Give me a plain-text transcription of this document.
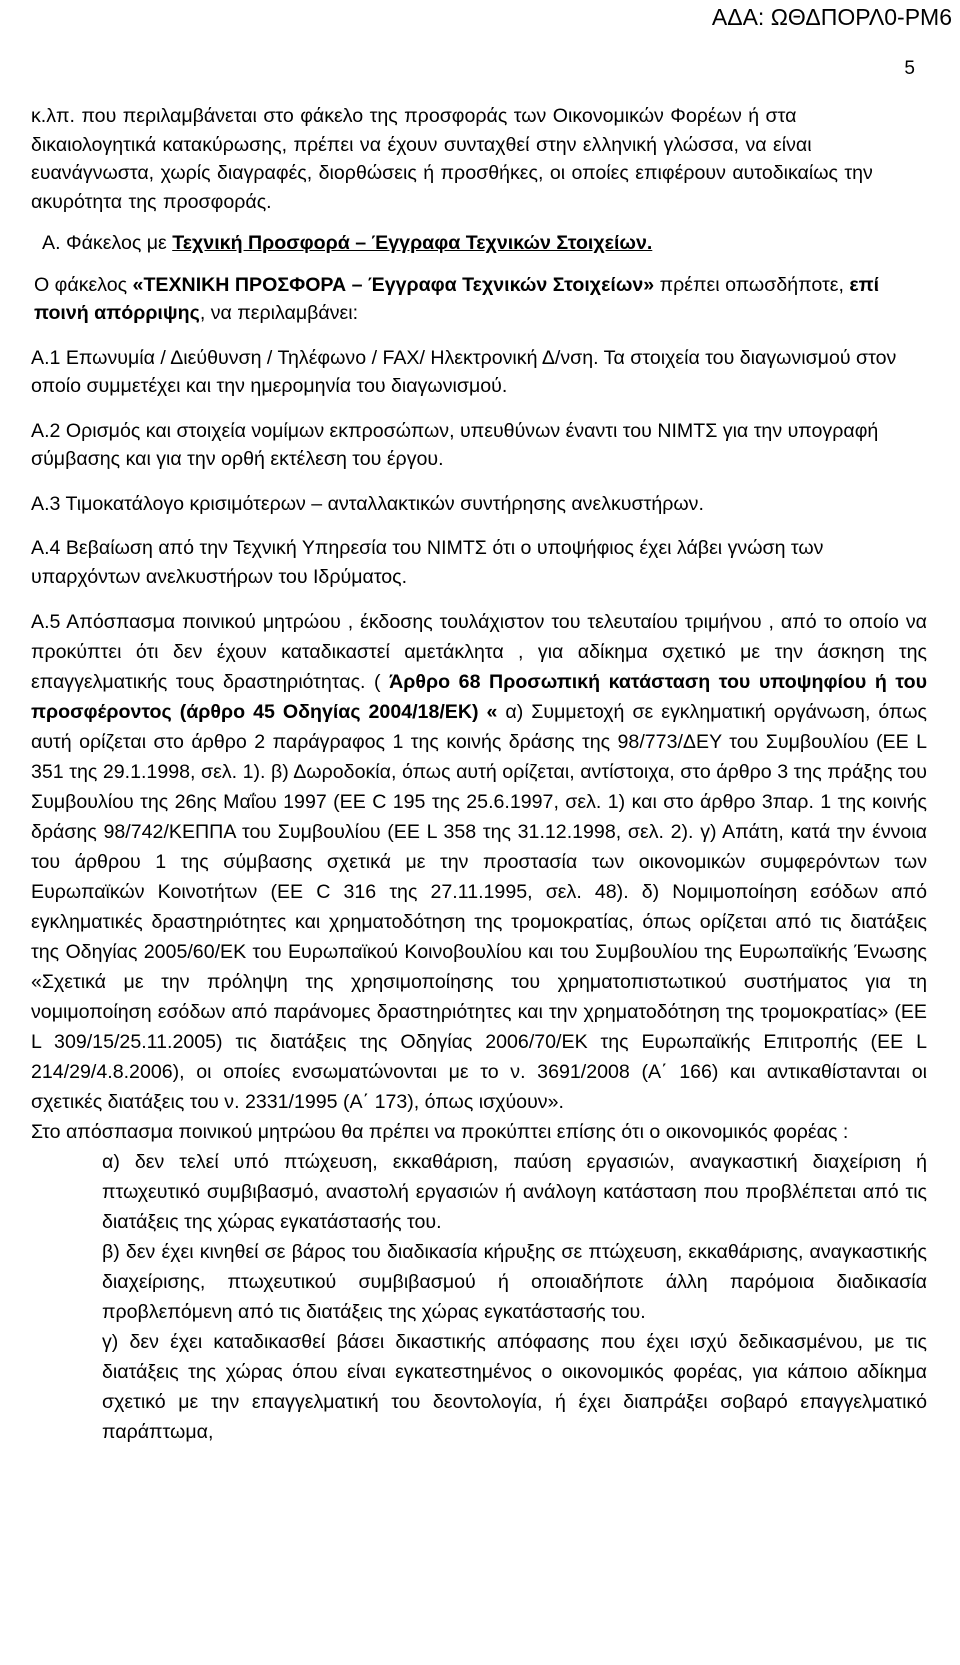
ΑΔΑ: ΩΘΔΠΟΡΛ0-ΡΜ6
5

κ.λπ. που περιλαμβάνεται στο φάκελο της προσφοράς των Οικονομικών Φορέων ή στα δικαιολογητικά κατακύρωσης, πρέπει να έχουν συνταχθεί στην ελληνική γλώσσα, να είναι ευανάγνωστα, χωρίς διαγραφές, διορθώσεις ή προσθήκες, οι οποίες επιφέρουν αυτοδικαίως την ακυρότητα της προσφοράς.

Α. Φάκελος με Τεχνική Προσφορά – Έγγραφα Τεχνικών Στοιχείων.

Ο φάκελος «ΤΕΧΝΙΚΗ ΠΡΟΣΦΟΡΑ – Έγγραφα Τεχνικών Στοιχείων» πρέπει οπωσδήποτε, επί ποινή απόρριψης, να περιλαμβάνει:

Α.1 Επωνυμία / Διεύθυνση / Τηλέφωνο / FAX/ Ηλεκτρονική Δ/νση. Τα στοιχεία του διαγωνισμού στον οποίο συμμετέχει και την ημερομηνία του διαγωνισμού.

Α.2 Ορισμός και στοιχεία νομίμων εκπροσώπων, υπευθύνων έναντι του ΝΙΜΤΣ για την υπογραφή σύμβασης και για την ορθή εκτέλεση του έργου.

Α.3 Τιμοκατάλογο κρισιμότερων – ανταλλακτικών συντήρησης ανελκυστήρων.

Α.4 Βεβαίωση από την Τεχνική Υπηρεσία του ΝΙΜΤΣ ότι ο υποψήφιος έχει λάβει γνώση των υπαρχόντων ανελκυστήρων του Ιδρύματος.

Α.5 Απόσπασμα ποινικού μητρώου , έκδοσης τουλάχιστον του τελευταίου τριμήνου , από το οποίο να προκύπτει ότι δεν έχουν καταδικαστεί αμετάκλητα , για αδίκημα σχετικό με την άσκηση της επαγγελματικής τους δραστηριότητας. ( Άρθρο 68 Προσωπική κατάσταση του υποψηφίου ή του προσφέροντος (άρθρο 45 Οδηγίας 2004/18/ΕΚ) « α) Συμμετοχή σε εγκληματική οργάνωση, όπως αυτή ορίζεται στο άρθρο 2 παράγραφος 1 της κοινής δράσης της 98/773/ΔΕΥ του Συμβουλίου (ΕΕ L 351 της 29.1.1998, σελ. 1). β) Δωροδοκία, όπως αυτή ορίζεται, αντίστοιχα, στο άρθρο 3 της πράξης του Συμβουλίου της 26ης Μαΐου 1997 (ΕΕ C 195 της 25.6.1997, σελ. 1) και στο άρθρο 3παρ. 1 της κοινής δράσης 98/742/ΚΕΠΠΑ του Συμβουλίου (ΕΕ L 358 της 31.12.1998, σελ. 2). γ) Απάτη, κατά την έννοια του άρθρου 1 της σύμβασης σχετικά με την προστασία των οικονομικών συμφερόντων των Ευρωπαϊκών Κοινοτήτων (ΕΕ C 316 της 27.11.1995, σελ. 48). δ) Νομιμοποίηση εσόδων από εγκληματικές δραστηριότητες και χρηματοδότηση της τρομοκρατίας, όπως ορίζεται από τις διατάξεις της Οδηγίας 2005/60/ΕΚ του Ευρωπαϊκού Κοινοβουλίου και του Συμβουλίου της Ευρωπαϊκής Ένωσης «Σχετικά με την πρόληψη της χρησιμοποίησης του χρηματοπιστωτικού συστήματος για τη νομιμοποίηση εσόδων από παράνομες δραστηριότητες και την χρηματοδότηση της τρομοκρατίας» (ΕΕ L 309/15/25.11.2005) τις διατάξεις της Οδηγίας 2006/70/ΕΚ της Ευρωπαϊκής Επιτροπής (ΕΕ L 214/29/4.8.2006), οι οποίες ενσωματώνονται με το ν. 3691/2008 (Α΄ 166) και αντικαθίστανται οι σχετικές διατάξεις του ν. 2331/1995 (Α΄ 173), όπως ισχύουν».

Στο απόσπασμα ποινικού μητρώου θα πρέπει να προκύπτει επίσης ότι ο οικονομικός φορέας :

α) δεν τελεί υπό πτώχευση, εκκαθάριση, παύση εργασιών, αναγκαστική διαχείριση ή πτωχευτικό συμβιβασμό, αναστολή εργασιών ή ανάλογη κατάσταση που προβλέπεται από τις διατάξεις της χώρας εγκατάστασής του.

β) δεν έχει κινηθεί σε βάρος του διαδικασία κήρυξης σε πτώχευση, εκκαθάρισης, αναγκαστικής διαχείρισης, πτωχευτικού συμβιβασμού ή οποιαδήποτε άλλη παρόμοια διαδικασία προβλεπόμενη από τις διατάξεις της χώρας εγκατάστασής του.

γ) δεν έχει καταδικασθεί βάσει δικαστικής απόφασης που έχει ισχύ δεδικασμένου, με τις διατάξεις της χώρας όπου είναι εγκατεστημένος ο οικονομικός φορέας, για κάποιο αδίκημα σχετικό με την επαγγελματική του δεοντολογία, ή έχει διαπράξει σοβαρό επαγγελματικό παράπτωμα,
